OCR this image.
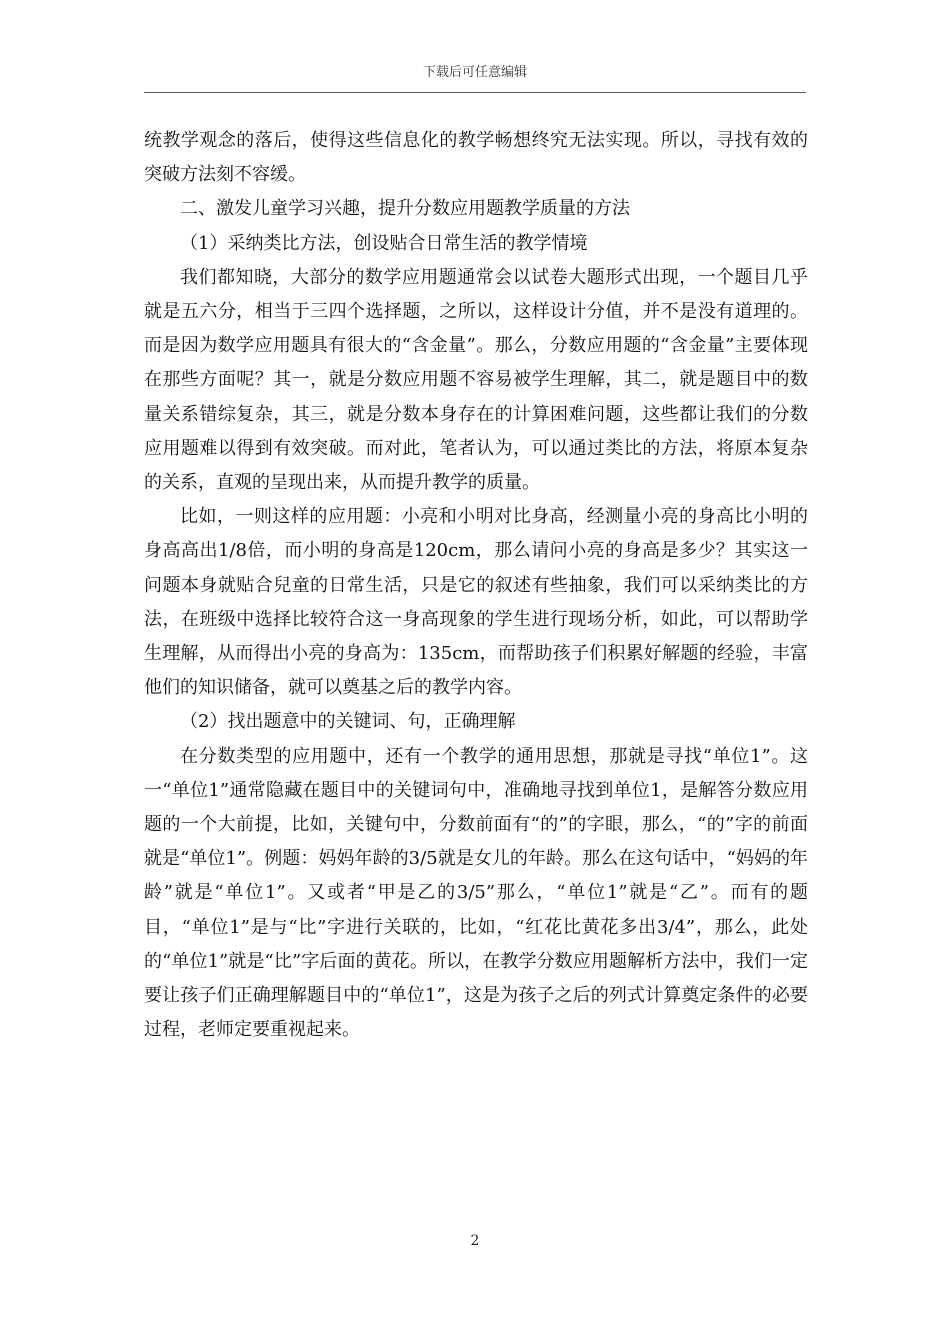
下载后可任意编辑

统教学观念的落后，使得这些信息化的教学畅想终究无法实现。所以，寻找有效的突破方法刻不容缓。

二、激发儿童学习兴趣，提升分数应用题教学质量的方法

（1）采纳类比方法，创设贴合日常生活的教学情境

我们都知晓，大部分的数学应用题通常会以试卷大题形式出现，一个题目几乎就是五六分，相当于三四个选择题，之所以，这样设计分值，并不是没有道理的。而是因为数学应用题具有很大的“含金量”。那么，分数应用题的“含金量”主要体现在那些方面呢？其一，就是分数应用题不容易被学生理解，其二，就是题目中的数量关系错综复杂，其三，就是分数本身存在的计算困难问题，这些都让我们的分数应用题难以得到有效突破。而对此，笔者认为，可以通过类比的方法，将原本复杂的关系，直观的呈现出来，从而提升教学的质量。

比如，一则这样的应用题：小亮和小明对比身高，经测量小亮的身高比小明的身高高出1/8倍，而小明的身高是120cm，那么请问小亮的身高是多少？其实这一问题本身就贴合兒童的日常生活，只是它的叙述有些抽象，我们可以采纳类比的方法，在班级中选择比较符合这一身高现象的学生进行现场分析，如此，可以帮助学生理解，从而得出小亮的身高为：135cm，而帮助孩子们积累好解题的经验，丰富他们的知识储备，就可以奠基之后的教学内容。

（2）找出题意中的关键词、句，正确理解

在分数类型的应用题中，还有一个教学的通用思想，那就是寻找“单位1”。这一“单位1”通常隐藏在题目中的关键词句中，准确地寻找到单位1，是解答分数应用题的一个大前提，比如，关键句中，分数前面有“的”的字眼，那么，“的”字的前面就是“单位1”。例题：妈妈年龄的3/5就是女儿的年龄。那么在这句话中，“妈妈的年龄”就是“单位1”。又或者“甲是乙的3/5”那么，“单位1”就是“乙”。而有的题目，“单位1”是与“比”字进行关联的，比如，“红花比黄花多出3/4”，那么，此处的“单位1”就是“比”字后面的黄花。所以，在教学分数应用题解析方法中，我们一定要让孩子们正确理解题目中的“单位1”，这是为孩子之后的列式计算奠定条件的必要过程，老师定要重视起来。

2
